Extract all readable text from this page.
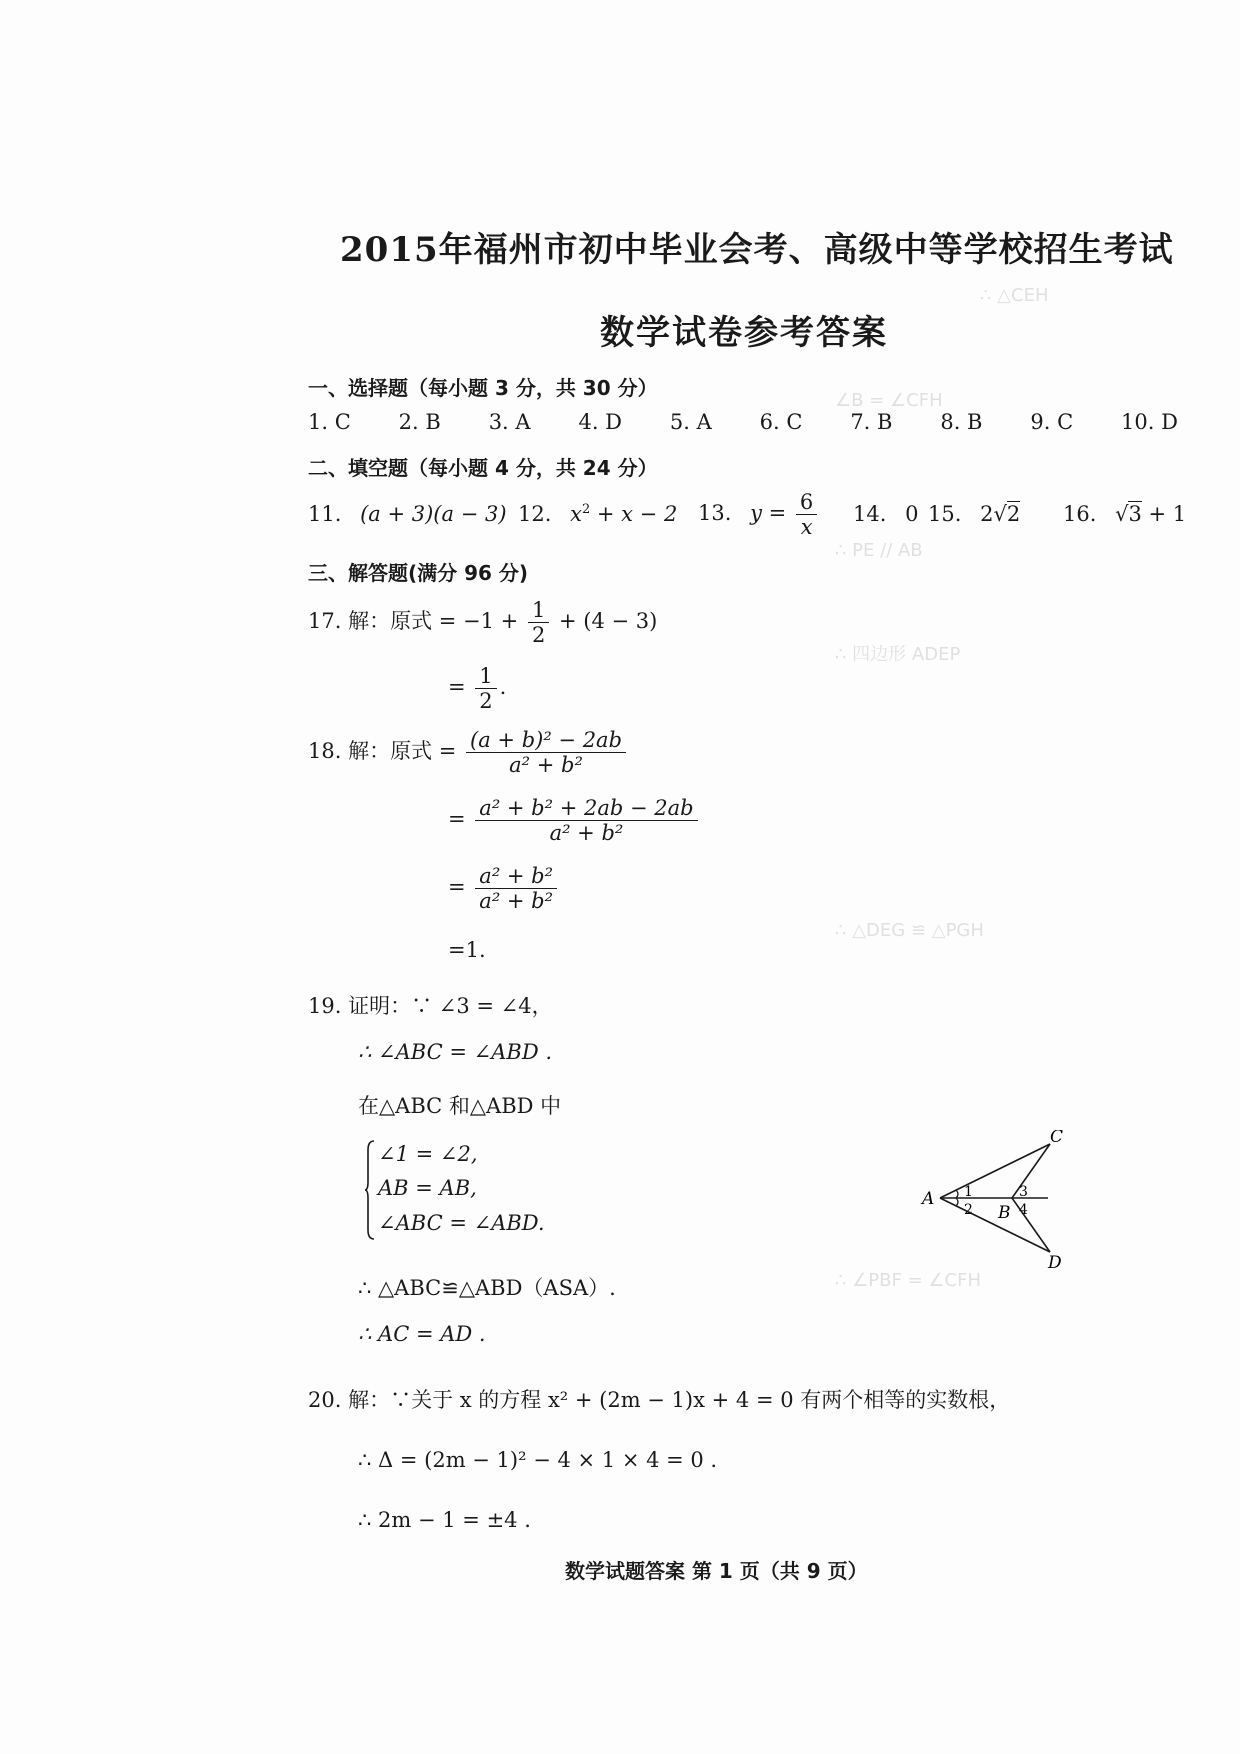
∴ △CEH
∠B = ∠CFH
∴ PE // AB
∴ 四边形 ADEP
∴ △DEG ≌ △PGH
∴ ∠PBF = ∠CFH
2015年福州市初中毕业会考、高级中等学校招生考试
数学试卷参考答案
一、选择题（每小题 3 分，共 30 分）
1. C 2. B 3. A 4. D 5. A 6. C 7. B 8. B 9. C 10. D
二、填空题（每小题 4 分，共 24 分）
11. (a + 3)(a − 3) 12. $x^2 + x - 2$ 13. $y = \frac{6}{x} 14$. 0 15. 2√2 16. √3 + 1
三、解答题(满分 96 分)
17. 解：原式 = $-1 + \frac{1}{2} + (4 - 3)$
= $\frac{1}{2}$ .
18. 解：原式 = $\frac{\text{(a + b)² − 2ab}}{\text{a² + b²}}$
= $\frac{\text{a² + b² + 2ab − 2ab}}{\text{a² + b²}}$
= $\frac{\text{a² + b²}}{\text{a² + b²}}$
=1.
19. 证明：∵ ∠3 = ∠4，
∴ ∠ABC = ∠ABD .
在△ABC 和△ABD 中
∠1 = ∠2,
AB = AB,
∠ABC = ∠ABD.
∴ △ABC≌△ABD（ASA）.
∴ AC = AD .
A
B
C
D
1
2
3
4
20. 解：∵关于 x 的方程 x² + (2m − 1)x + 4 = 0 有两个相等的实数根，
∴ Δ = (2m − 1)² − 4 × 1 × 4 = 0 .
∴ 2m − 1 = ±4 .
数学试题答案 第 1 页（共 9 页）
